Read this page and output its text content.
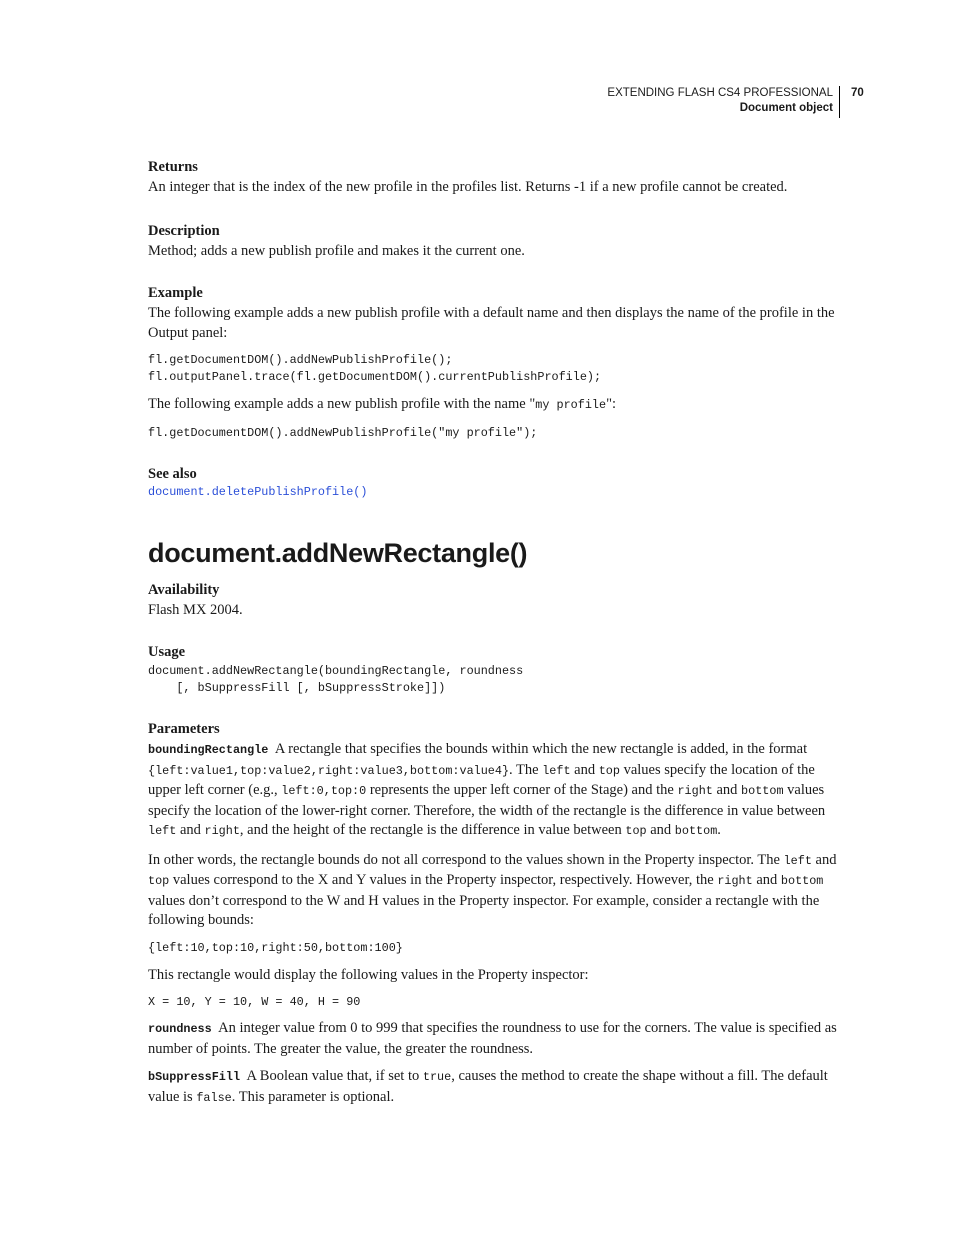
EXTENDING FLASH CS4 PROFESSIONAL
Document object
70
Returns

An integer that is the index of the new profile in the profiles list. Returns -1 if a new profile cannot be created.

Description

Method; adds a new publish profile and makes it the current one.

Example

The following example adds a new publish profile with a default name and then displays the name of the profile in the Output panel:

fl.getDocumentDOM().addNewPublishProfile();
fl.outputPanel.trace(fl.getDocumentDOM().currentPublishProfile);

The following example adds a new publish profile with the name "my profile":

fl.getDocumentDOM().addNewPublishProfile("my profile");
See also
document.deletePublishProfile()
document.addNewRectangle()
Availability

Flash MX 2004.

Usage
document.addNewRectangle(boundingRectangle, roundness
[, bSuppressFill [, bSuppressStroke]])
Parameters

boundingRectangle A rectangle that specifies the bounds within which the new rectangle is added, in the format {left:value1,top:value2,right:value3,bottom:value4}. The left and top values specify the location of the upper left corner (e.g., left:0,top:0 represents the upper left corner of the Stage) and the right and bottom values specify the location of the lower-right corner. Therefore, the width of the rectangle is the difference in value between left and right, and the height of the rectangle is the difference in value between top and bottom.

In other words, the rectangle bounds do not all correspond to the values shown in the Property inspector. The left and top values correspond to the X and Y values in the Property inspector, respectively. However, the right and bottom values don’t correspond to the W and H values in the Property inspector. For example, consider a rectangle with the following bounds:

{left:10,top:10,right:50,bottom:100}

This rectangle would display the following values in the Property inspector:

X = 10, Y = 10, W = 40, H = 90

roundness An integer value from 0 to 999 that specifies the roundness to use for the corners. The value is specified as number of points. The greater the value, the greater the roundness.

bSuppressFill A Boolean value that, if set to true, causes the method to create the shape without a fill. The default value is false. This parameter is optional.
